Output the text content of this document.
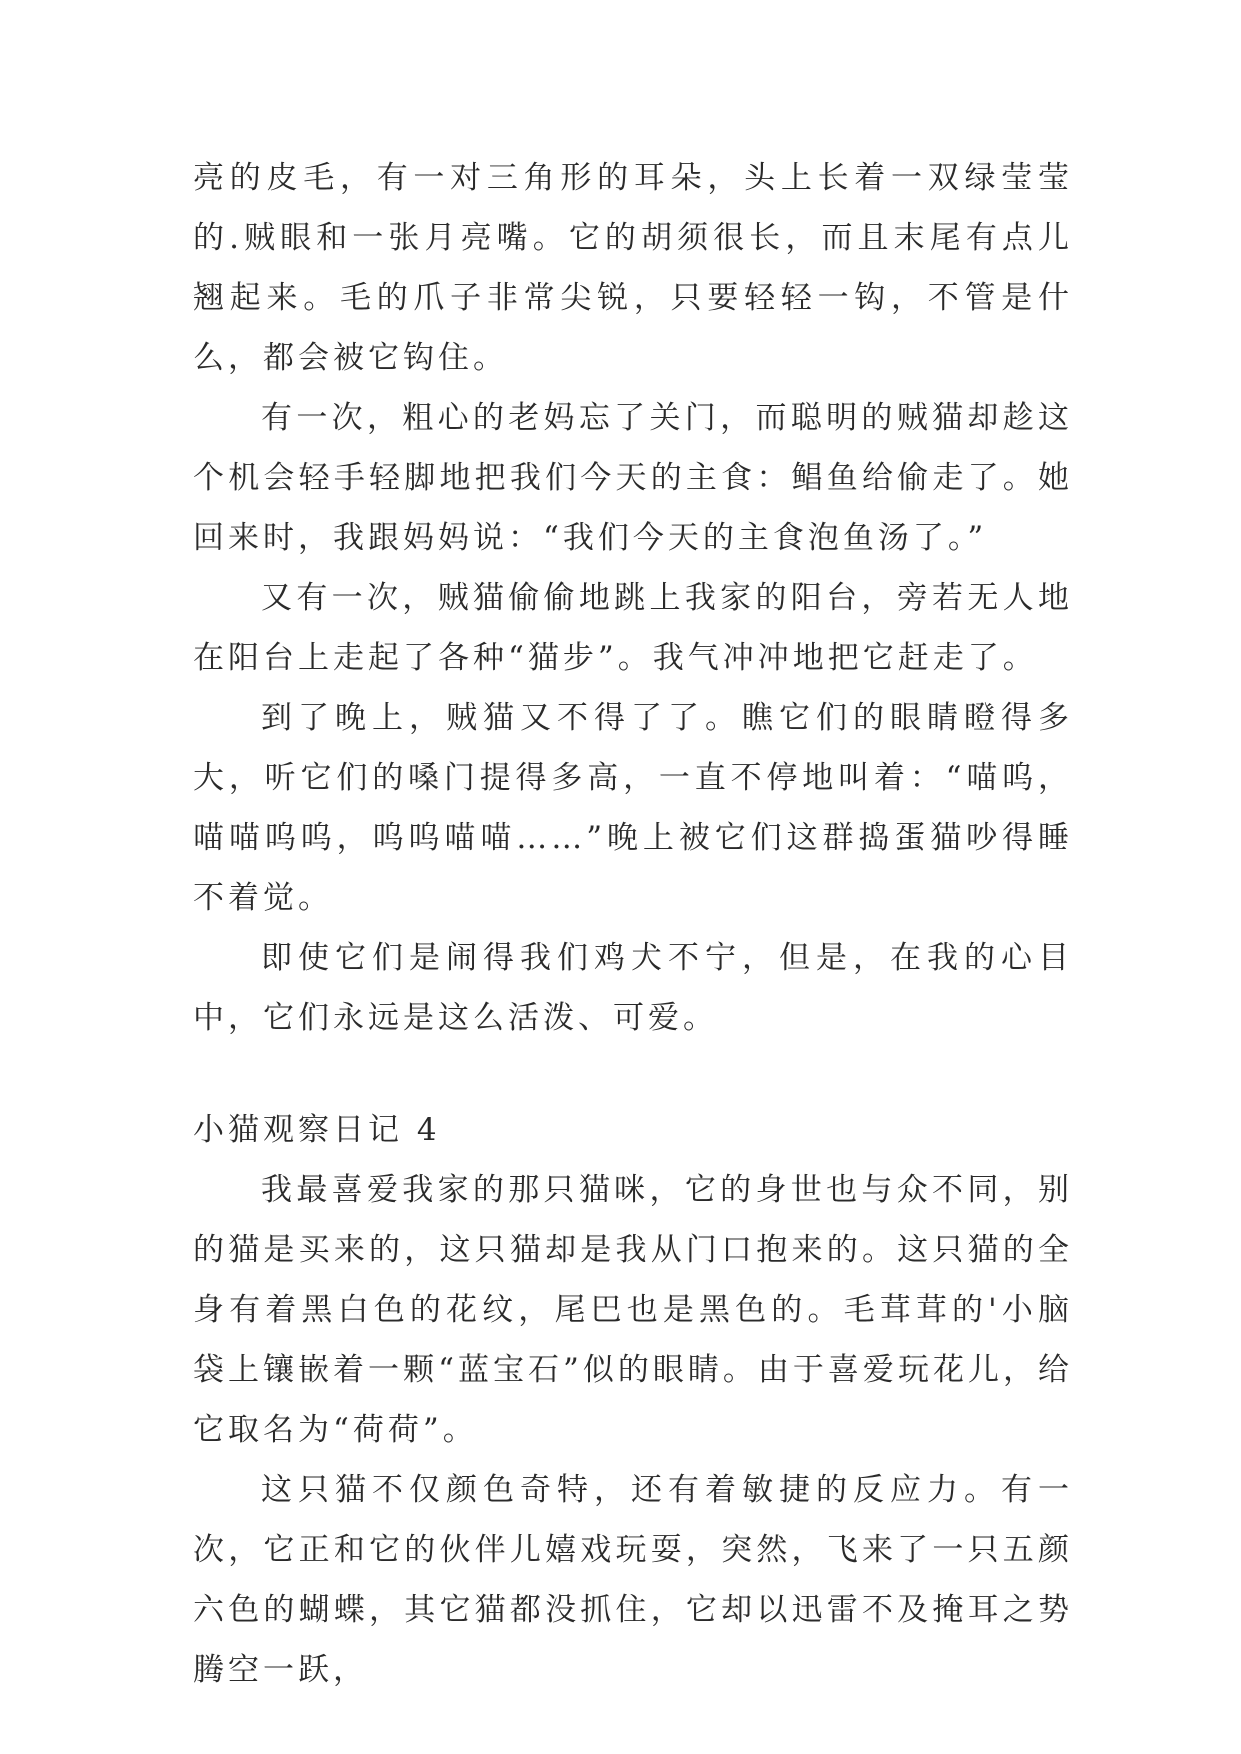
亮的皮毛，有一对三角形的耳朵，头上长着一双绿莹莹的.贼眼和一张月亮嘴。它的胡须很长，而且末尾有点儿翘起来。毛的爪子非常尖锐，只要轻轻一钩，不管是什么，都会被它钩住。

有一次，粗心的老妈忘了关门，而聪明的贼猫却趁这个机会轻手轻脚地把我们今天的主食：鲳鱼给偷走了。她回来时，我跟妈妈说：“我们今天的主食泡鱼汤了。”

又有一次，贼猫偷偷地跳上我家的阳台，旁若无人地在阳台上走起了各种“猫步”。我气冲冲地把它赶走了。

到了晚上，贼猫又不得了了。瞧它们的眼睛瞪得多大，听它们的嗓门提得多高，一直不停地叫着：“喵呜，喵喵呜呜，呜呜喵喵……”晚上被它们这群捣蛋猫吵得睡不着觉。

即使它们是闹得我们鸡犬不宁，但是，在我的心目中，它们永远是这么活泼、可爱。

小猫观察日记 4

我最喜爱我家的那只猫咪，它的身世也与众不同，别的猫是买来的，这只猫却是我从门口抱来的。这只猫的全身有着黑白色的花纹，尾巴也是黑色的。毛茸茸的'小脑袋上镶嵌着一颗“蓝宝石”似的眼睛。由于喜爱玩花儿，给它取名为“荷荷”。

这只猫不仅颜色奇特，还有着敏捷的反应力。有一次，它正和它的伙伴儿嬉戏玩耍，突然，飞来了一只五颜六色的蝴蝶，其它猫都没抓住，它却以迅雷不及掩耳之势腾空一跃，
